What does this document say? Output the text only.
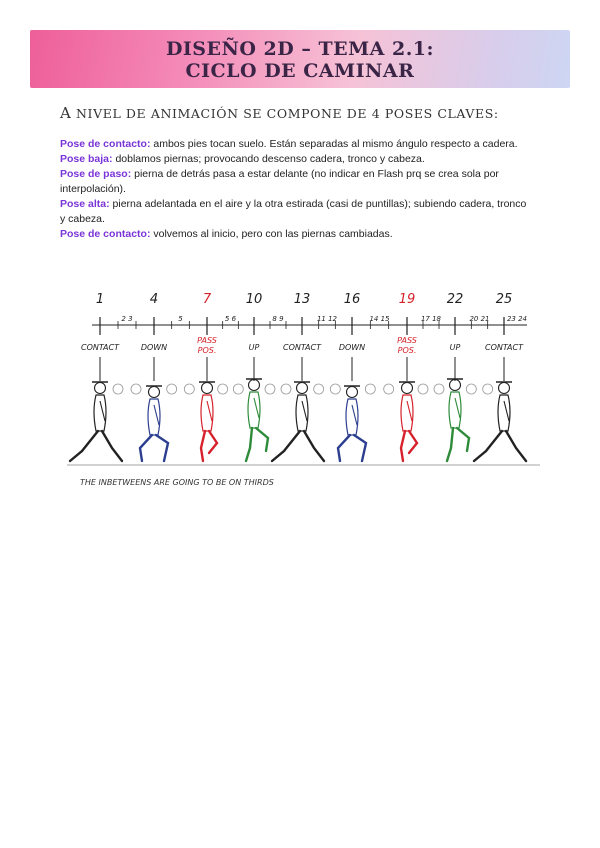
DISEÑO 2D – TEMA 2.1:
CICLO DE CAMINAR
A NIVEL DE ANIMACIÓN SE COMPONE DE 4 POSES CLAVES:
Pose de contacto: ambos pies tocan suelo. Están separadas al mismo ángulo respecto a cadera.
Pose baja: doblamos piernas; provocando descenso cadera, tronco y cabeza.
Pose de paso: pierna de detrás pasa a estar delante (no indicar en Flash prq se crea sola por interpolación).
Pose alta: pierna adelantada en el aire y la otra estirada (casi de puntillas); subiendo cadera, tronco y cabeza.
Pose de contacto: volvemos al inicio, pero con las piernas cambiadas.
1	4	7	10 13	16	19 22 25
2 3	5	5 6	8 9	11 12	14 15	17 18	20 21 23 24
CONTACT	DOWN
PASS
POS.	UP	CONTACT DOWN
PASS
POS.	UP	CONTACT
THE INBETWEENS ARE GOING TO BE ON THIRDS
